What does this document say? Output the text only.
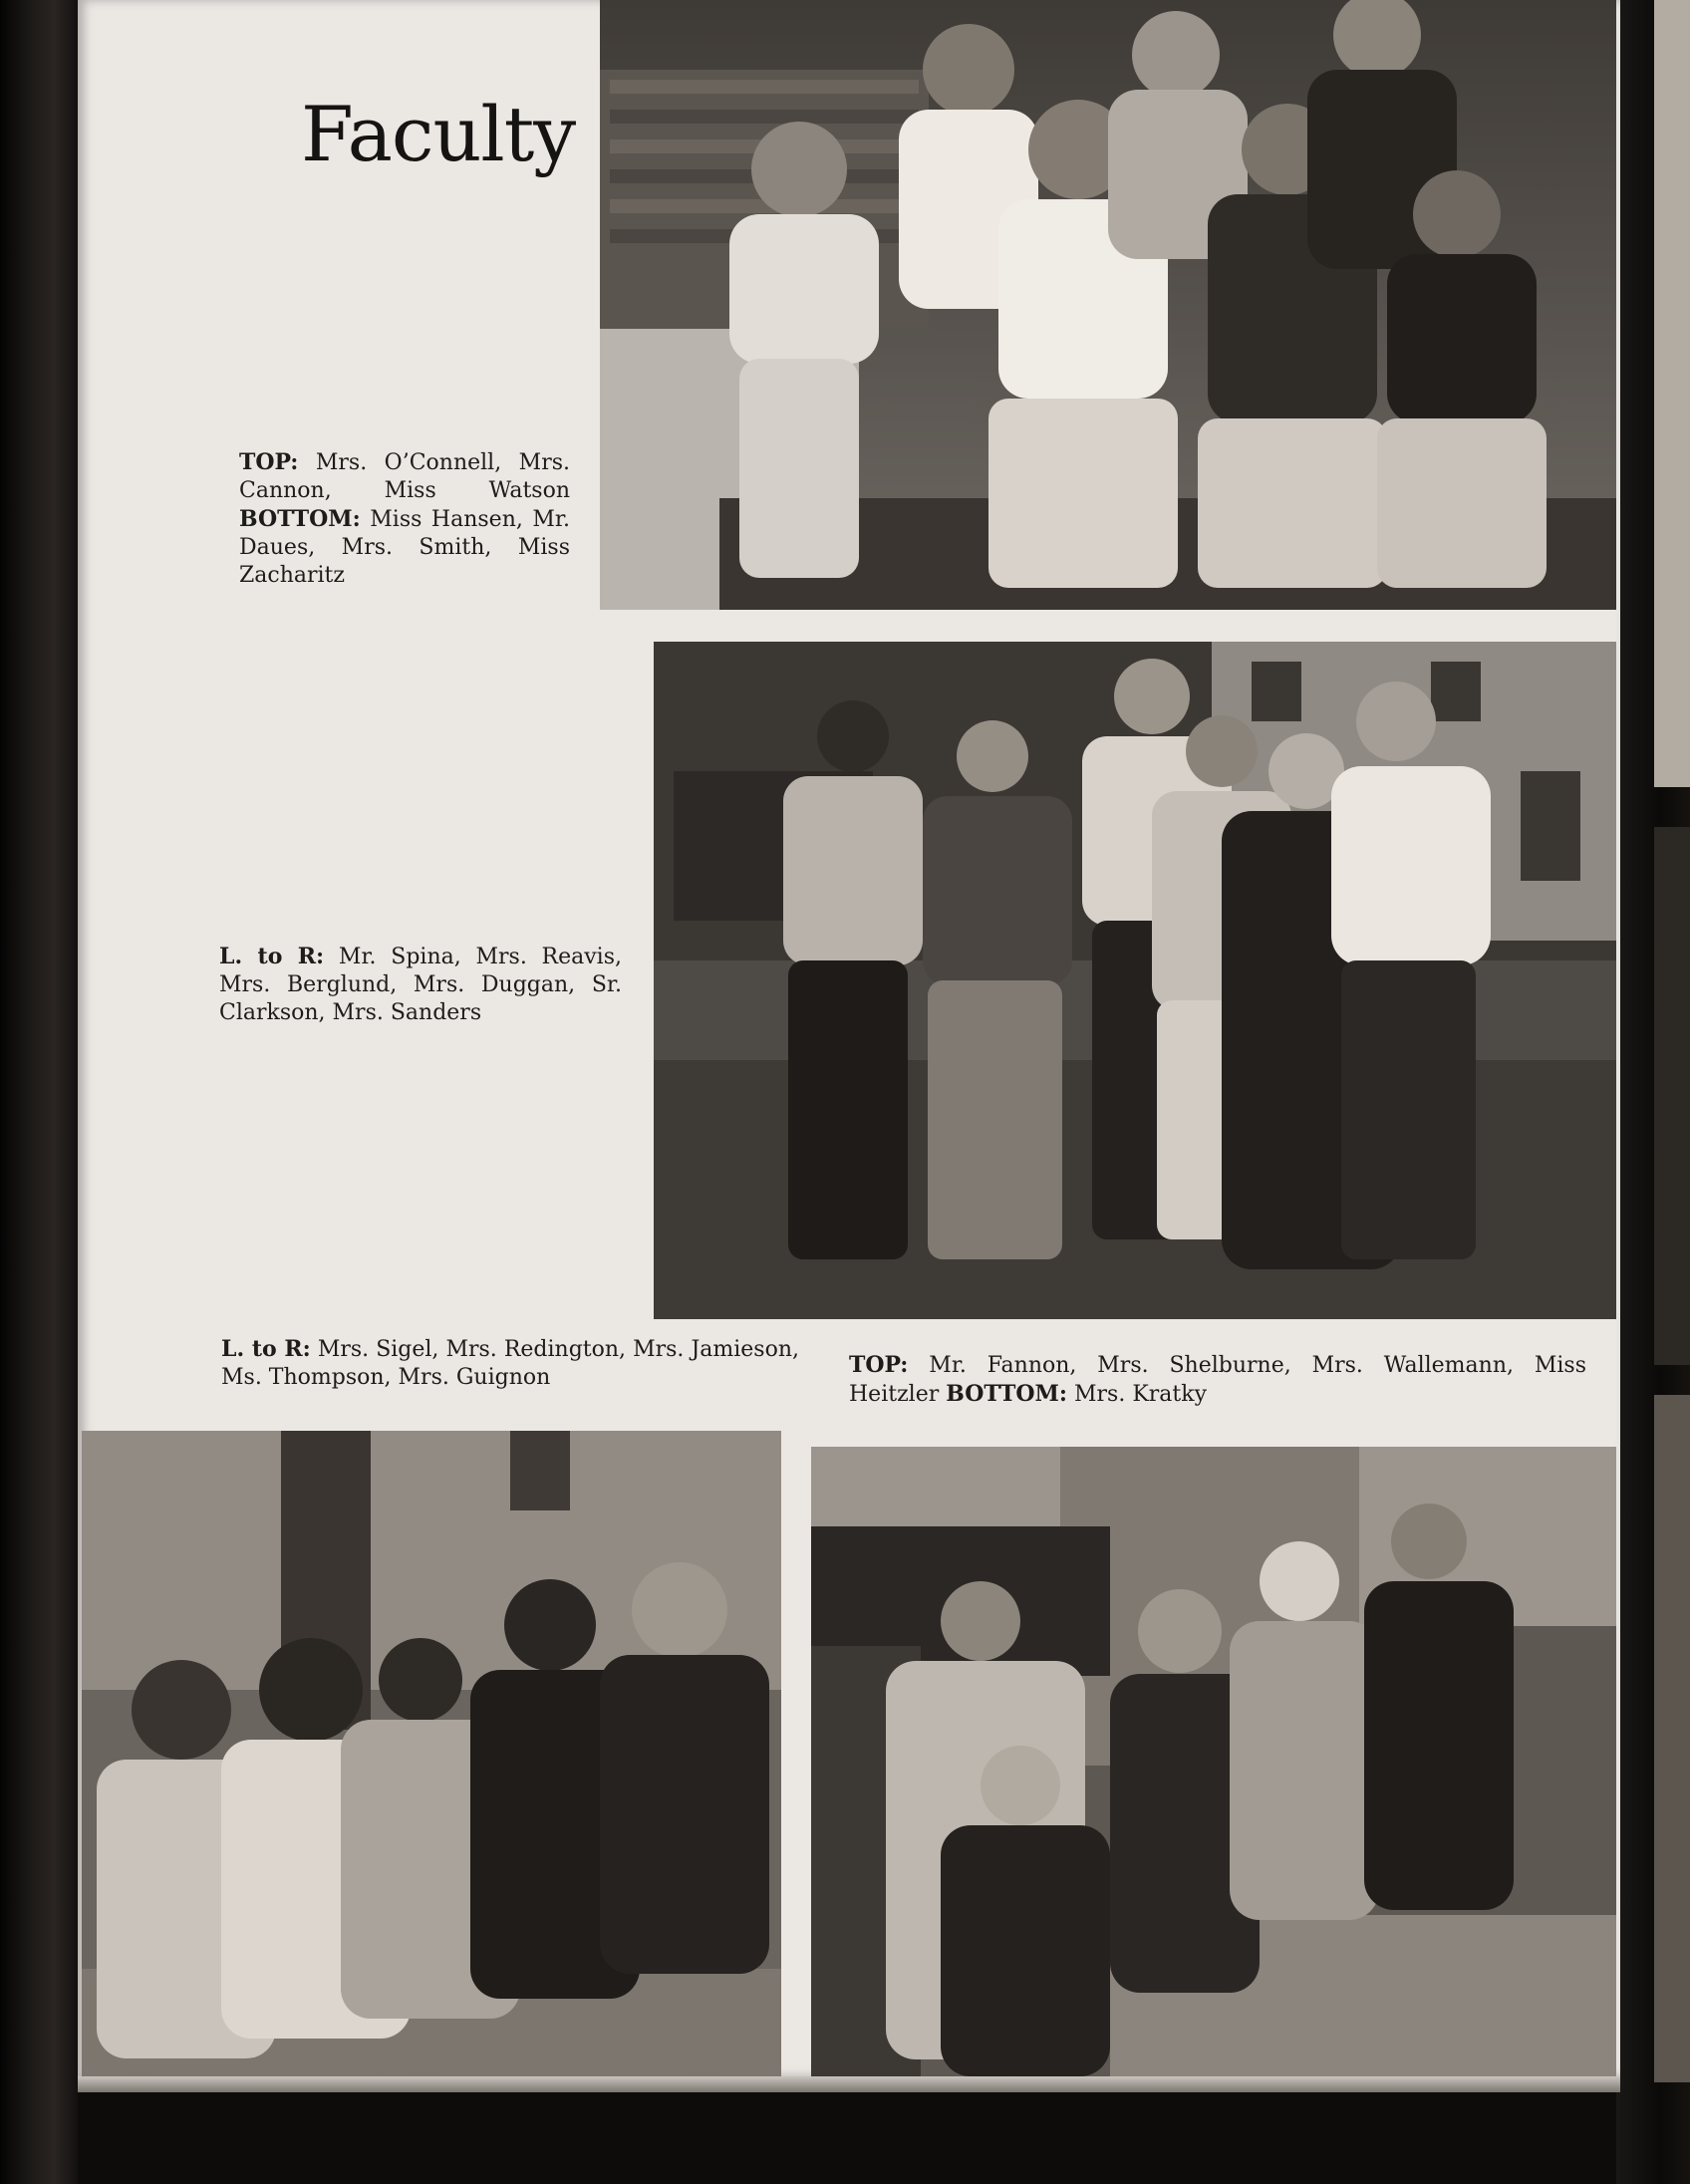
Faculty

TOP: Mrs. O’Connell, Mrs. Cannon, Miss Watson BOTTOM: Miss Hansen, Mr. Daues, Mrs. Smith, Miss Zacharitz

L. to R: Mr. Spina, Mrs. Reavis, Mrs. Berglund, Mrs. Duggan, Sr. Clarkson, Mrs. Sanders

L. to R: Mrs. Sigel, Mrs. Redington, Mrs. Jamieson, Ms. Thompson, Mrs. Guignon	TOP: Mr. Fannon, Mrs. Shelburne, Mrs. Wallemann, Miss Heitzler BOTTOM: Mrs. Kratky
